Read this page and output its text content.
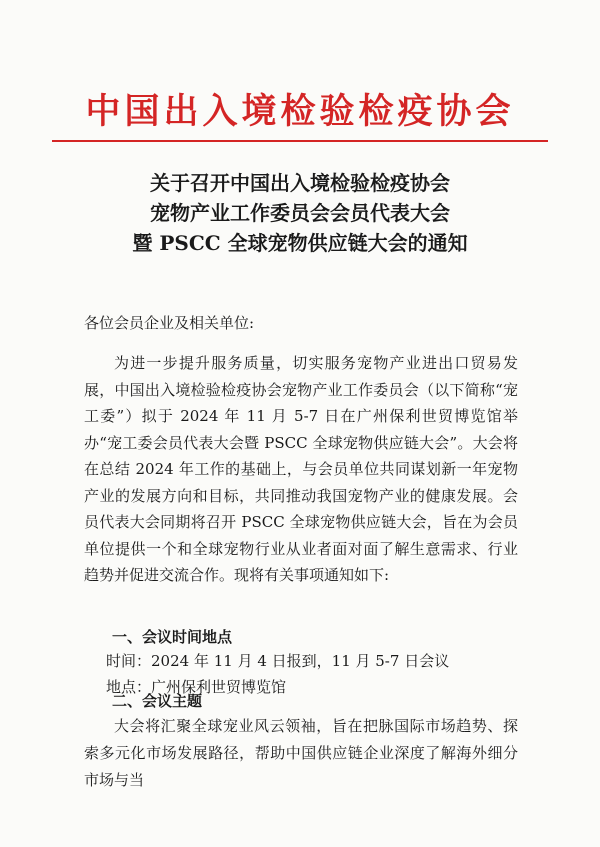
中国出入境检验检疫协会
关于召开中国出入境检验检疫协会
宠物产业工作委员会会员代表大会
暨 PSCC 全球宠物供应链大会的通知
各位会员企业及相关单位:

为进一步提升服务质量，切实服务宠物产业进出口贸易发展，中国出入境检验检疫协会宠物产业工作委员会（以下简称“宠工委”）拟于 2024 年 11 月 5-7 日在广州保利世贸博览馆举办“宠工委会员代表大会暨 PSCC 全球宠物供应链大会”。大会将在总结 2024 年工作的基础上，与会员单位共同谋划新一年宠物产业的发展方向和目标，共同推动我国宠物产业的健康发展。会员代表大会同期将召开 PSCC 全球宠物供应链大会，旨在为会员单位提供一个和全球宠物行业从业者面对面了解生意需求、行业趋势并促进交流合作。现将有关事项通知如下:

一、会议时间地点
时间：2024 年 11 月 4 日报到，11 月 5-7 日会议
地点：广州保利世贸博览馆
二、会议主题

大会将汇聚全球宠业风云领袖，旨在把脉国际市场趋势、探索多元化市场发展路径，帮助中国供应链企业深度了解海外细分市场与当
